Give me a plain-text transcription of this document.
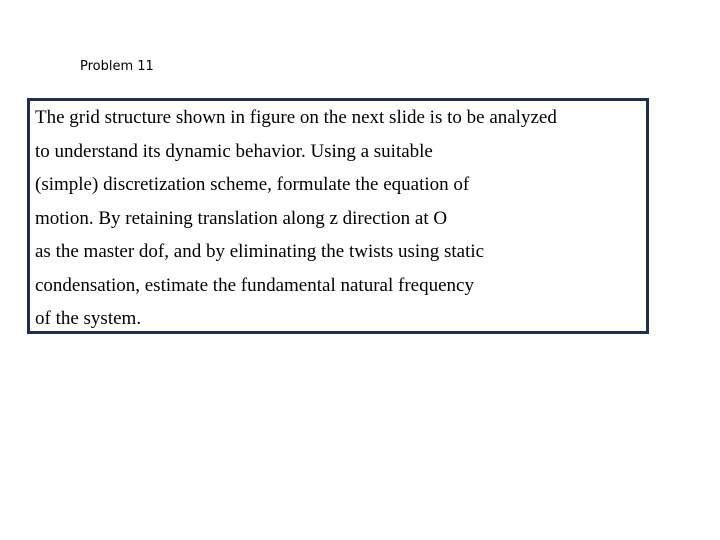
Problem 11
The grid structure shown in figure on the next slide is to be analyzed
to understand its dynamic behavior. Using a suitable
(simple) discretization scheme, formulate the equation of
motion. By retaining translation along z direction at O
as the master dof, and by eliminating the twists using static
condensation, estimate the fundamental natural frequency
of the system.
